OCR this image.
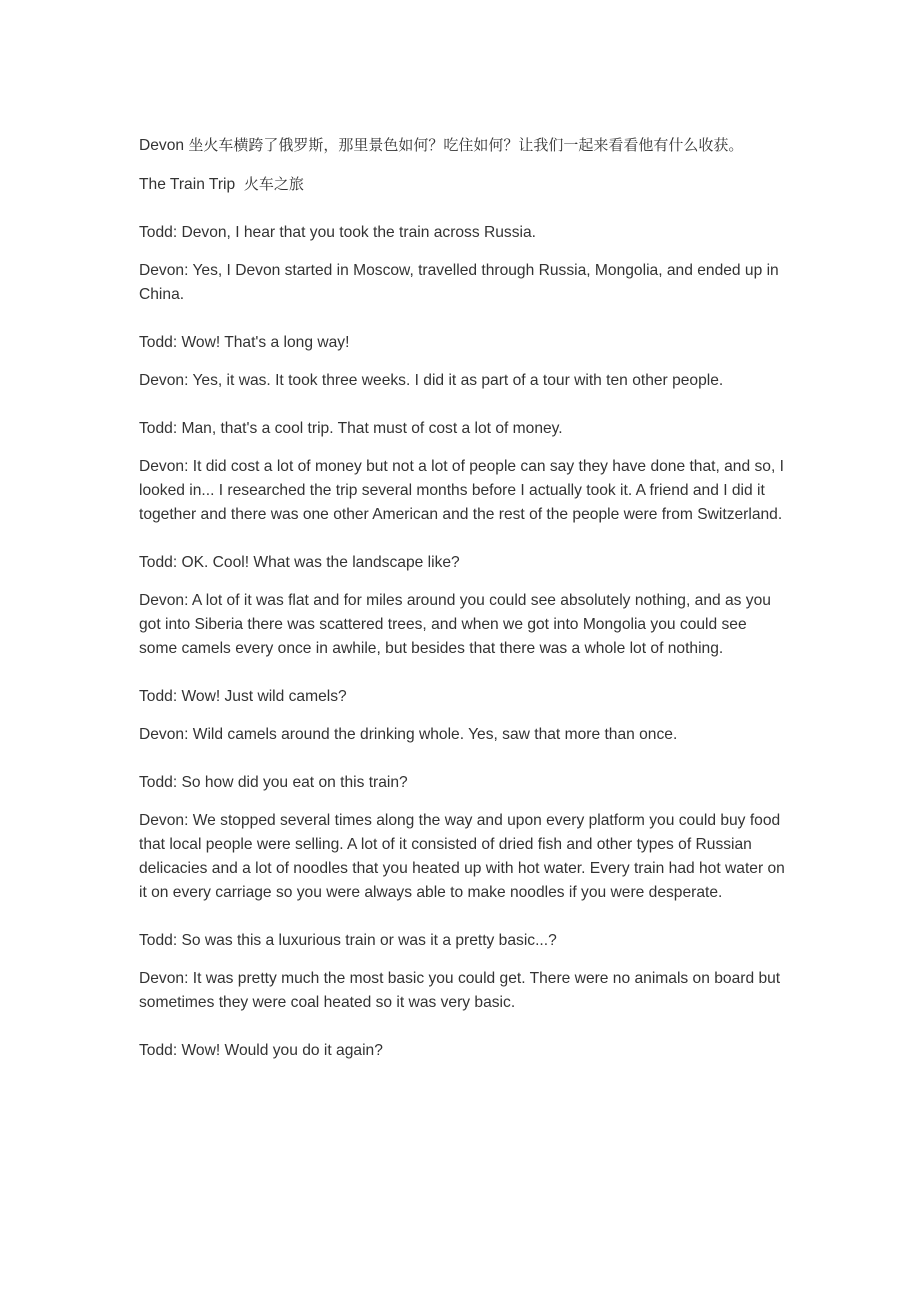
Devon 坐火车横跨了俄罗斯，那里景色如何？吃住如何？让我们一起来看看他有什么收获。

The Train Trip 火车之旅

Todd: Devon, I hear that you took the train across Russia.

Devon: Yes, I Devon started in Moscow, travelled through Russia, Mongolia, and ended up in China.

Todd: Wow! That's a long way!

Devon: Yes, it was. It took three weeks. I did it as part of a tour with ten other people.

Todd: Man, that's a cool trip. That must of cost a lot of money.

Devon: It did cost a lot of money but not a lot of people can say they have done that, and so, I looked in... I researched the trip several months before I actually took it. A friend and I did it together and there was one other American and the rest of the people were from Switzerland.

Todd: OK. Cool! What was the landscape like?

Devon: A lot of it was flat and for miles around you could see absolutely nothing, and as you got into Siberia there was scattered trees, and when we got into Mongolia you could see some camels every once in awhile, but besides that there was a whole lot of nothing.

Todd: Wow! Just wild camels?

Devon: Wild camels around the drinking whole. Yes, saw that more than once.

Todd: So how did you eat on this train?

Devon: We stopped several times along the way and upon every platform you could buy food that local people were selling. A lot of it consisted of dried fish and other types of Russian delicacies and a lot of noodles that you heated up with hot water. Every train had hot water on it on every carriage so you were always able to make noodles if you were desperate.

Todd: So was this a luxurious train or was it a pretty basic...?

Devon: It was pretty much the most basic you could get. There were no animals on board but sometimes they were coal heated so it was very basic.

Todd: Wow! Would you do it again?
